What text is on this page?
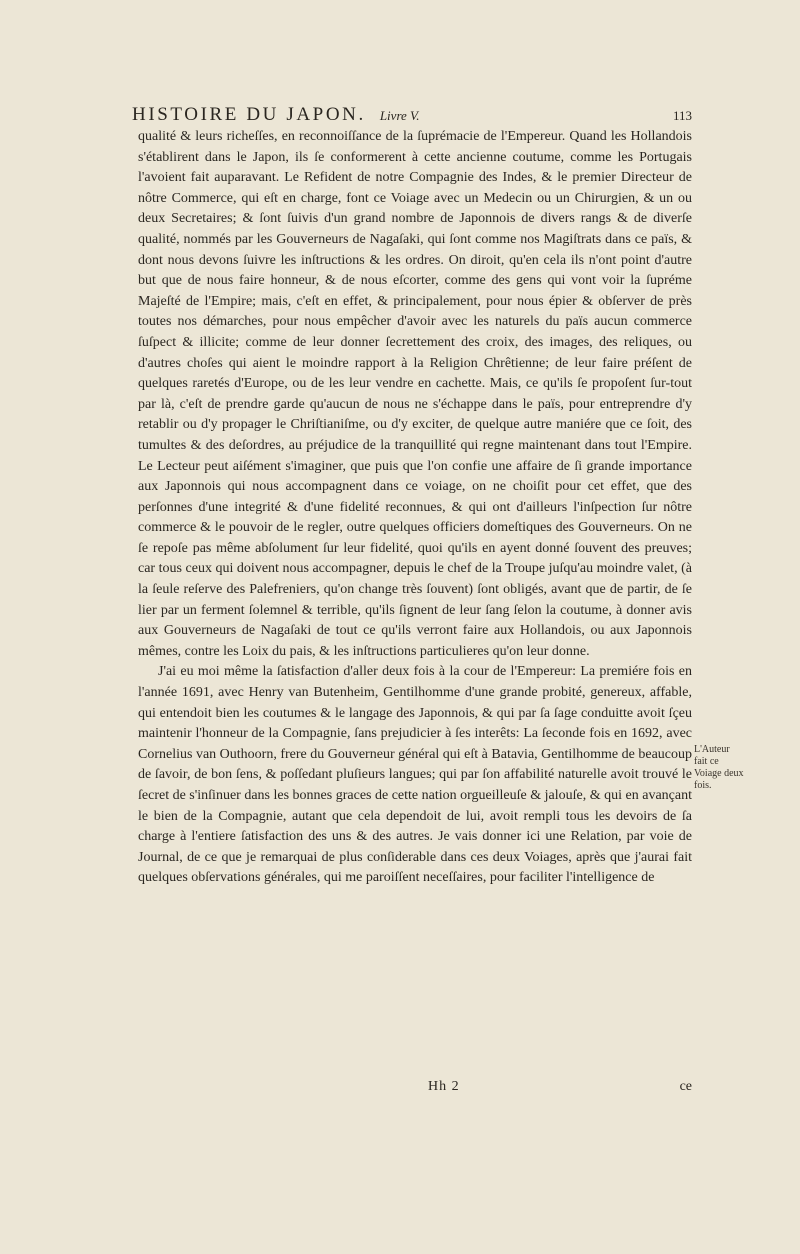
HISTOIRE DU JAPON. Livre V.	113

qualité & leurs richeſſes, en reconnoiſſance de la ſuprémacie de l'Empereur. Quand les Hollandois s'établirent dans le Japon, ils ſe conformerent à cette ancienne coutume, comme les Portugais l'avoient fait auparavant. Le Refident de notre Compagnie des Indes, & le premier Directeur de nôtre Commerce, qui eſt en charge, font ce Voiage avec un Medecin ou un Chirurgien, & un ou deux Secretaires; & ſont ſuivis d'un grand nombre de Japonnois de divers rangs & de diverſe qualité, nommés par les Gouverneurs de Nagaſaki, qui ſont comme nos Magiſtrats dans ce païs, & dont nous devons ſuivre les inſtructions & les ordres. On diroit, qu'en cela ils n'ont point d'autre but que de nous faire honneur, & de nous eſcorter, comme des gens qui vont voir la ſupréme Majeſté de l'Empire; mais, c'eſt en effet, & principalement, pour nous épier & obſerver de près toutes nos démarches, pour nous empêcher d'avoir avec les naturels du païs aucun commerce ſuſpect & illicite; comme de leur donner ſecrettement des croix, des images, des reliques, ou d'autres choſes qui aient le moindre rapport à la Religion Chrêtienne; de leur faire préſent de quelques raretés d'Europe, ou de les leur vendre en cachette. Mais, ce qu'ils ſe propoſent ſur-tout par là, c'eſt de prendre garde qu'aucun de nous ne s'échappe dans le païs, pour entreprendre d'y retablir ou d'y propager le Chriſtianiſme, ou d'y exciter, de quelque autre maniére que ce ſoit, des tumultes & des deſordres, au préjudice de la tranquillité qui regne maintenant dans tout l'Empire. Le Lecteur peut aiſément s'imaginer, que puis que l'on confie une affaire de ſi grande importance aux Japonnois qui nous accompagnent dans ce voiage, on ne choiſit pour cet effet, que des perſonnes d'une integrité & d'une fidelité reconnues, & qui ont d'ailleurs l'inſpection ſur nôtre commerce & le pouvoir de le regler, outre quelques officiers domeſtiques des Gouverneurs. On ne ſe repoſe pas même abſolument ſur leur fidelité, quoi qu'ils en ayent donné ſouvent des preuves; car tous ceux qui doivent nous accompagner, depuis le chef de la Troupe juſqu'au moindre valet, (à la ſeule reſerve des Palefreniers, qu'on change très ſouvent) ſont obligés, avant que de partir, de ſe lier par un ferment ſolemnel & terrible, qu'ils ſignent de leur ſang ſelon la coutume, à donner avis aux Gouverneurs de Nagaſaki de tout ce qu'ils verront faire aux Hollandois, ou aux Japonnois mêmes, contre les Loix du pais, & les inſtructions particulieres qu'on leur donne.

J'ai eu moi même la ſatisfaction d'aller deux fois à la cour de l'Empereur: La premiére fois en l'année 1691, avec Henry van Butenheim, Gentilhomme d'une grande probité, genereux, affable, qui entendoit bien les coutumes & le langage des Japonnois, & qui par ſa ſage conduitte avoit ſçeu maintenir l'honneur de la Compagnie, ſans prejudicier à ſes interêts: La ſeconde fois en 1692, avec Cornelius van Outhoorn, frere du Gouverneur général qui eſt à Batavia, Gentilhomme de beaucoup de ſavoir, de bon ſens, & poſſedant pluſieurs langues; qui par ſon affabilité naturelle avoit trouvé le ſecret de s'inſinuer dans les bonnes graces de cette nation orgueilleuſe & jalouſe, & qui en avançant le bien de la Compagnie, autant que cela dependoit de lui, avoit rempli tous les devoirs de ſa charge à l'entiere ſatisfaction des uns & des autres. Je vais donner ici une Relation, par voie de Journal, de ce que je remarquai de plus conſiderable dans ces deux Voiages, après que j'aurai fait quelques obſervations générales, qui me paroiſſent neceſſaires, pour faciliter l'intelligence de

L'Auteur fait ce Voiage deux fois.
Hh 2	ce
